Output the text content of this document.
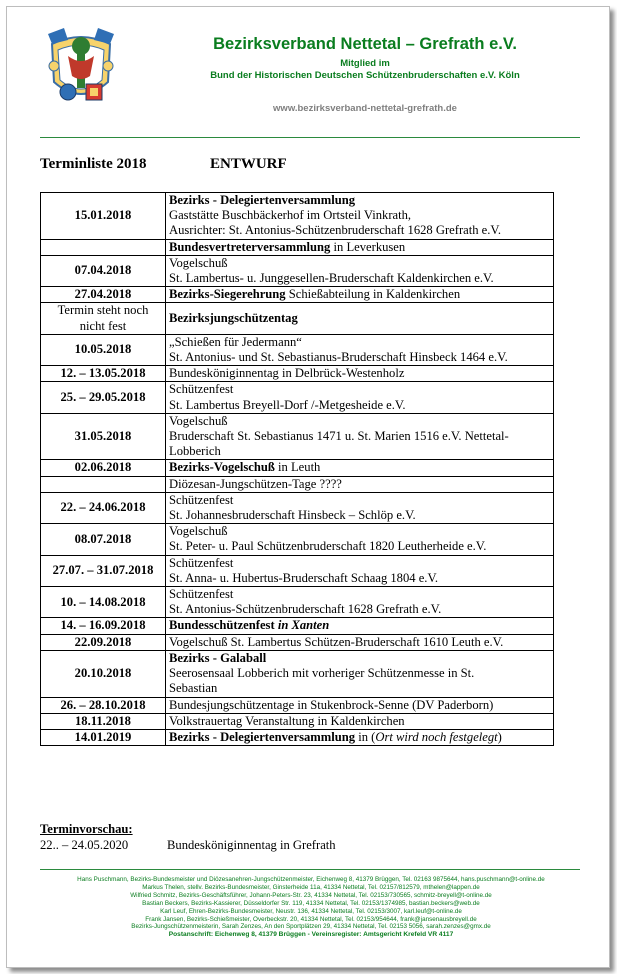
Bezirksverband Nettetal – Grefrath e.V.
Mitglied im
Bund der Historischen Deutschen Schützenbruderschaften e.V. Köln
www.bezirksverband-nettetal-grefrath.de
Terminliste 2018	ENTWURF
15.01.2018	Bezirks - Delegiertenversammlung
Gaststätte Buschbäckerhof im Ortsteil Vinkrath,
Ausrichter: St. Antonius-Schützenbruderschaft 1628 Grefrath e.V.

	Bundesvertreterversammlung in Leverkusen

07.04.2018	Vogelschuß
St. Lambertus- u. Junggesellen-Bruderschaft Kaldenkirchen e.V.

27.04.2018	Bezirks-Siegerehrung Schießabteilung in Kaldenkirchen

Termin steht noch nicht fest	Bezirksjungschützentag

10.05.2018	„Schießen für Jedermann“
St. Antonius- und St. Sebastianus-Bruderschaft Hinsbeck 1464 e.V.

12. – 13.05.2018	Bundesköniginnentag in Delbrück-Westenholz

25. – 29.05.2018	Schützenfest
St. Lambertus Breyell-Dorf /-Metgesheide e.V.

31.05.2018	Vogelschuß
Bruderschaft St. Sebastianus 1471 u. St. Marien 1516 e.V. Nettetal-
Lobberich

02.06.2018	Bezirks-Vogelschuß in Leuth

	Diözesan-Jungschützen-Tage ????

22. – 24.06.2018	Schützenfest
St. Johannesbruderschaft Hinsbeck – Schlöp e.V.

08.07.2018	Vogelschuß
St. Peter- u. Paul Schützenbruderschaft 1820 Leutherheide e.V.

27.07. – 31.07.2018	Schützenfest
St. Anna- u. Hubertus-Bruderschaft Schaag 1804 e.V.

10. – 14.08.2018	Schützenfest
St. Antonius-Schützenbruderschaft 1628 Grefrath e.V.

14. – 16.09.2018	Bundesschützenfest in Xanten

22.09.2018	Vogelschuß St. Lambertus Schützen-Bruderschaft 1610 Leuth e.V.

20.10.2018	Bezirks - Galaball
Seerosensaal Lobberich mit vorheriger Schützenmesse in St.
Sebastian

26. – 28.10.2018	Bundesjungschützentage in Stukenbrock-Senne (DV Paderborn)

18.11.2018	Volkstrauertag Veranstaltung in Kaldenkirchen

14.01.2019	Bezirks - Delegiertenversammlung in (Ort wird noch festgelegt)
Terminvorschau:
22.. – 24.05.2020	Bundesköniginnentag in Grefrath
Hans Puschmann, Bezirks-Bundesmeister und Diözesanehren-Jungschützenmeister, Eichenweg 8, 41379 Brüggen, Tel. 02163 9875644, hans.puschmann@t-online.de
Markus Thelen, stellv. Bezirks-Bundesmeister, Ginsterheide 11a, 41334 Nettetal, Tel. 02157/812579, mthelen@lappen.de
Wilfried Schmitz, Bezirks-Geschäftsführer, Johann-Peters-Str. 23, 41334 Nettetal, Tel. 02153/730565, schmitz-breyell@t-online.de
Bastian Beckers, Bezirks-Kassierer, Düsseldorfer Str. 119, 41334 Nettetal, Tel. 02153/1374985, bastian.beckers@web.de
Karl Leuf, Ehren-Bezirks-Bundesmeister, Neustr. 136, 41334 Nettetal, Tel. 02153/3007, karl.leuf@t-online.de
Frank Jansen, Bezirks-Schießmeister, Overbeckstr. 20, 41334 Nettetal, Tel. 02153/954644, frank@jansenausbreyell.de
Bezirks-Jungschützenmeisterin, Sarah Zenzes, An den Sportplätzen 29, 41334 Nettetal, Tel. 02153 5056, sarah.zenzes@gmx.de
Postanschrift: Eichenweg 8, 41379 Brüggen - Vereinsregister: Amtsgericht Krefeld VR 4117
